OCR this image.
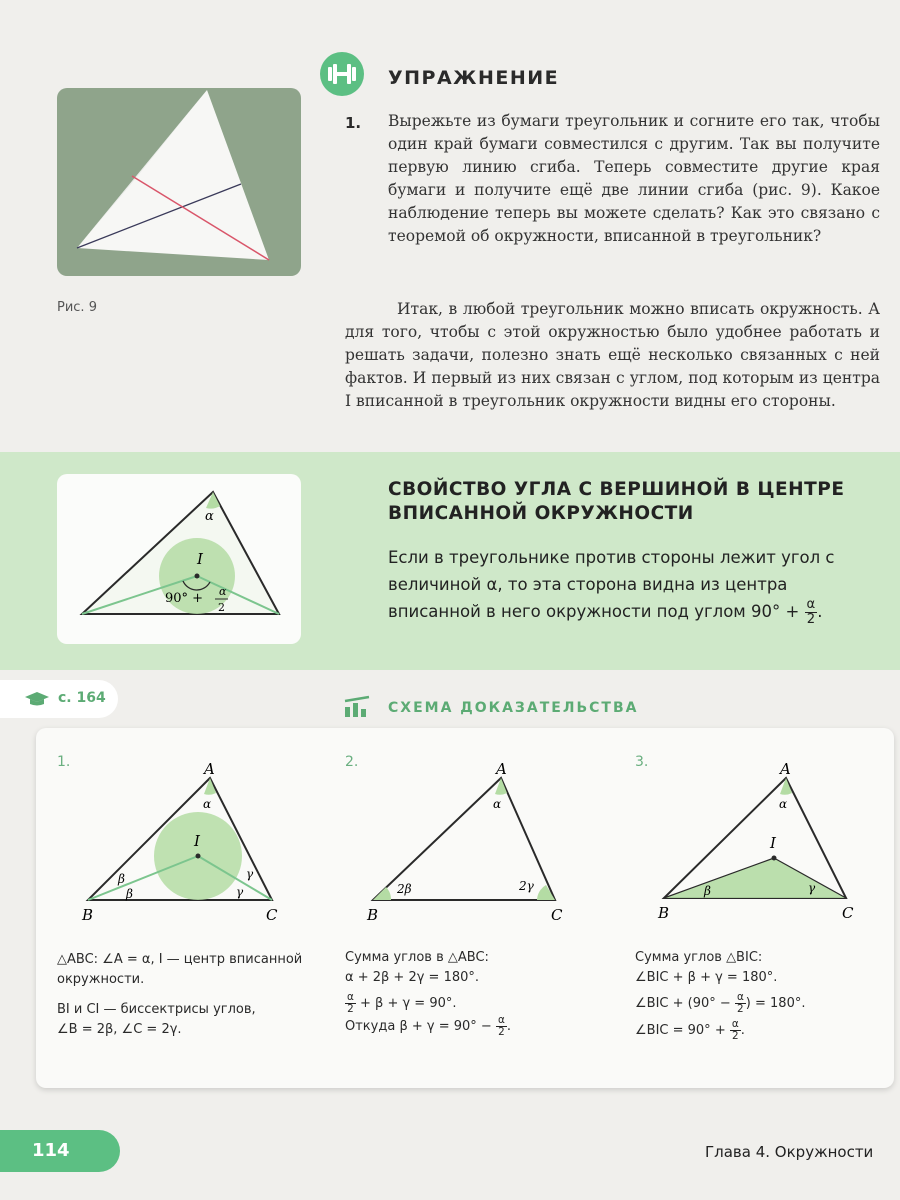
Рис. 9
УПРАЖНЕНИЕ
1. Вырежьте из бумаги треугольник и согните его так, чтобы один край бумаги совместился с другим. Так вы получите первую линию сгиба. Теперь совместите другие края бумаги и получите ещё две линии сгиба (рис. 9). Какое наблюдение теперь вы можете сделать? Как это связано с теоремой об окружности, вписанной в треугольник?
Итак, в любой треугольник можно вписать окружность. А для того, чтобы с этой окружностью было удобнее работать и решать задачи, полезно знать ещё несколько связанных с ней фактов. И первый из них связан с углом, под которым из центра I вписанной в треугольник окружности видны его стороны.
α
I
90° + α
2
СВОЙСТВО УГЛА С ВЕРШИНОЙ В ЦЕНТРЕ ВПИСАННОЙ ОКРУЖНОСТИ
Если в треугольнике против стороны лежит угол с величиной α, то эта сторона видна из центра вписанной в него окружности под углом $90^\circ + \frac{\alpha}{2}$ .
с. 164
СХЕМА ДОКАЗАТЕЛЬСТВА
1.	A
B	C
I
α
β
β
γ
γ

△ABC: ∠A = α, I — центр вписанной окружности.

BI и CI — биссектрисы углов,
∠B = 2β, ∠C = 2γ.
2.	A
B	C
α
2β	2γ
Сумма углов в △ABC:
α + 2β + 2γ = 180°.
$\frac{\alpha}{2} + \beta + \gamma = 90^\circ$.
Откуда $\beta + \gamma = 90^\circ - \frac{\alpha}{2}$ .
3.	A
B	C
I
α
β	γ
Сумма углов △BIC:
∠BIC + β + γ = 180°.
∠BIC + ($90^\circ - \frac{\alpha}{2}$ ) = 180°.
∠BIC = $90^\circ + \frac{\alpha}{2}$ .
114	Глава 4. Окружности
